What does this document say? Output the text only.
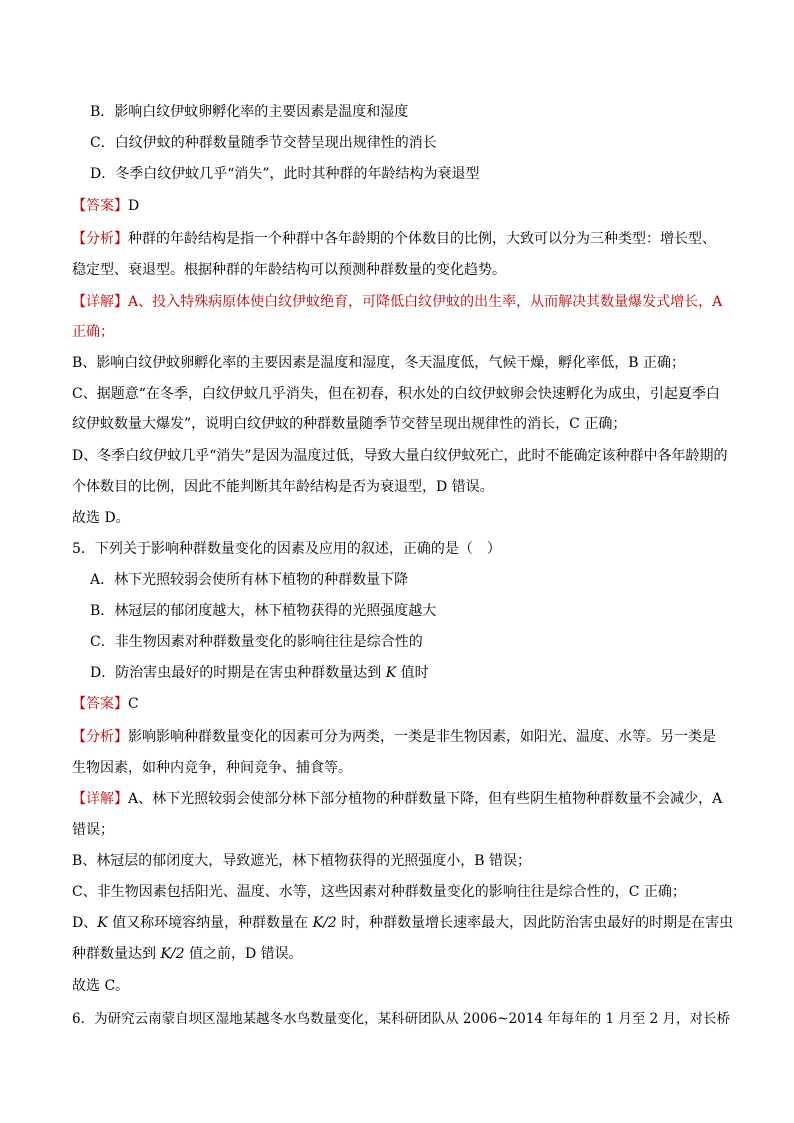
B．影响白纹伊蚊卵孵化率的主要因素是温度和湿度
C．白纹伊蚊的种群数量随季节交替呈现出规律性的消长
D．冬季白纹伊蚊几乎“消失”，此时其种群的年龄结构为衰退型
【答案】D
【分析】种群的年龄结构是指一个种群中各年龄期的个体数目的比例，大致可以分为三种类型：增长型、
稳定型、衰退型。根据种群的年龄结构可以预测种群数量的变化趋势。
【详解】A、投入特殊病原体使白纹伊蚊绝育，可降低白纹伊蚊的出生率，从而解决其数量爆发式增长，A
正确；
B、影响白纹伊蚊卵孵化率的主要因素是温度和湿度，冬天温度低，气候干燥，孵化率低，B 正确；
C、据题意“在冬季，白纹伊蚊几乎消失，但在初春，积水处的白纹伊蚊卵会快速孵化为成虫，引起夏季白
纹伊蚊数量大爆发”，说明白纹伊蚊的种群数量随季节交替呈现出规律性的消长，C 正确；
D、冬季白纹伊蚊几乎“消失”是因为温度过低，导致大量白纹伊蚊死亡，此时不能确定该种群中各年龄期的
个体数目的比例，因此不能判断其年龄结构是否为衰退型，D 错误。
故选 D。
5．下列关于影响种群数量变化的因素及应用的叙述，正确的是（　）
A．林下光照较弱会使所有林下植物的种群数量下降
B．林冠层的郁闭度越大，林下植物获得的光照强度越大
C．非生物因素对种群数量变化的影响往往是综合性的
D．防治害虫最好的时期是在害虫种群数量达到 K 值时
【答案】C
【分析】影响影响种群数量变化的因素可分为两类，一类是非生物因素，如阳光、温度、水等。另一类是
生物因素，如种内竞争，种间竞争、捕食等。
【详解】A、林下光照较弱会使部分林下部分植物的种群数量下降，但有些阴生植物种群数量不会减少，A
错误；
B、林冠层的郁闭度大，导致遮光，林下植物获得的光照强度小，B 错误；
C、非生物因素包括阳光、温度、水等，这些因素对种群数量变化的影响往往是综合性的，C 正确；
D、K 值又称环境容纳量，种群数量在 K/2 时，种群数量增长速率最大，因此防治害虫最好的时期是在害虫
种群数量达到 K/2 值之前，D 错误。
故选 C。
6．为研究云南蒙自坝区湿地某越冬水鸟数量变化，某科研团队从 2006~2014 年每年的 1 月至 2 月，对长桥
